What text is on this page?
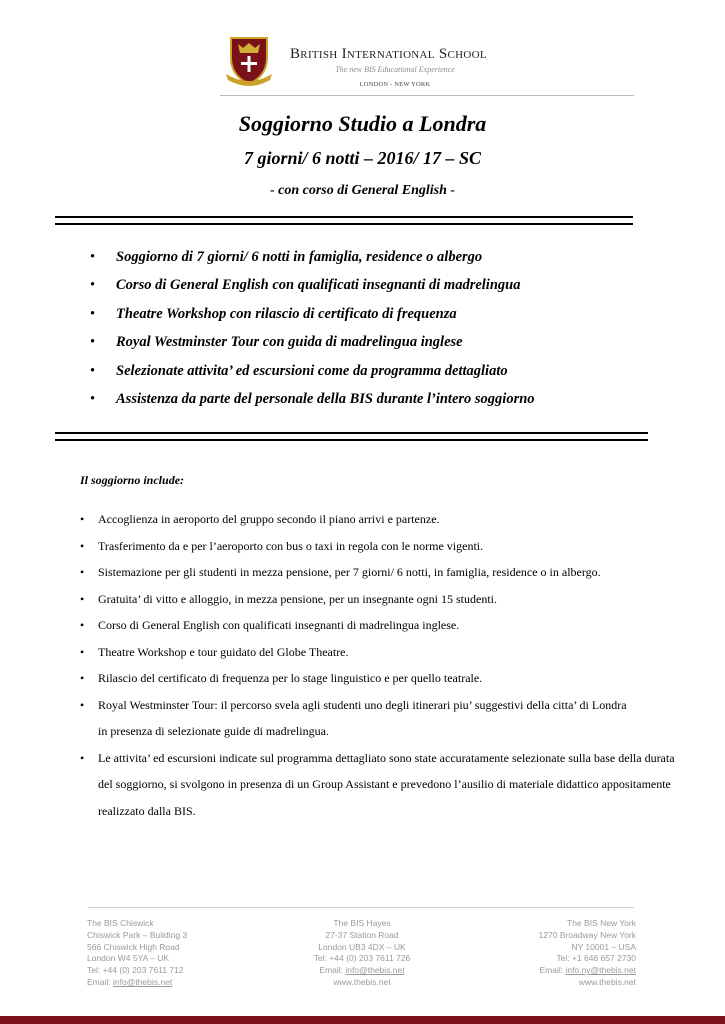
British International School
The new BIS Educational Experience
LONDON - NEW YORK
Soggiorno Studio a Londra
7 giorni/ 6 notti – 2016/ 17 – SC
- con corso di General English -
• Soggiorno di 7 giorni/ 6 notti in famiglia, residence o albergo
• Corso di General English con qualificati insegnanti di madrelingua
• Theatre Workshop con rilascio di certificato di frequenza
• Royal Westminster Tour con guida di madrelingua inglese
• Selezionate attivita’ ed escursioni come da programma dettagliato
• Assistenza da parte del personale della BIS durante l’intero soggiorno
Il soggiorno include:
• Accoglienza in aeroporto del gruppo secondo il piano arrivi e partenze.
• Trasferimento da e per l’aeroporto con bus o taxi in regola con le norme vigenti.
• Sistemazione per gli studenti in mezza pensione, per 7 giorni/ 6 notti, in famiglia, residence o in albergo.
• Gratuita’ di vitto e alloggio, in mezza pensione, per un insegnante ogni 15 studenti.
• Corso di General English con qualificati insegnanti di madrelingua inglese.
• Theatre Workshop e tour guidato del Globe Theatre.
• Rilascio del certificato di frequenza per lo stage linguistico e per quello teatrale.
• Royal Westminster Tour: il percorso svela agli studenti uno degli itinerari piu’ suggestivi della citta’ di Londra in presenza di selezionate guide di madrelingua.
• Le attivita’ ed escursioni indicate sul programma dettagliato sono state accuratamente selezionate sulla base della durata del soggiorno, si svolgono in presenza di un Group Assistant e prevedono l’ausilio di materiale didattico appositamente realizzato dalla BIS.
The BIS Chiswick
Chiswick Park – Building 3
566 Chiswick High Road
London W4 5YA – UK
Tel: +44 (0) 203 7611 712
Email: info@thebis.net
The BIS Hayes
27-37 Station Road
London UB3 4DX – UK
Tel: +44 (0) 203 7611 726
Email: info@thebis.net
www.thebis.net
The BIS New York
1270 Broadway New York
NY 10001 – USA
Tel: +1 646 657 2730
Email: info.ny@thebis.net
www.thebis.net
